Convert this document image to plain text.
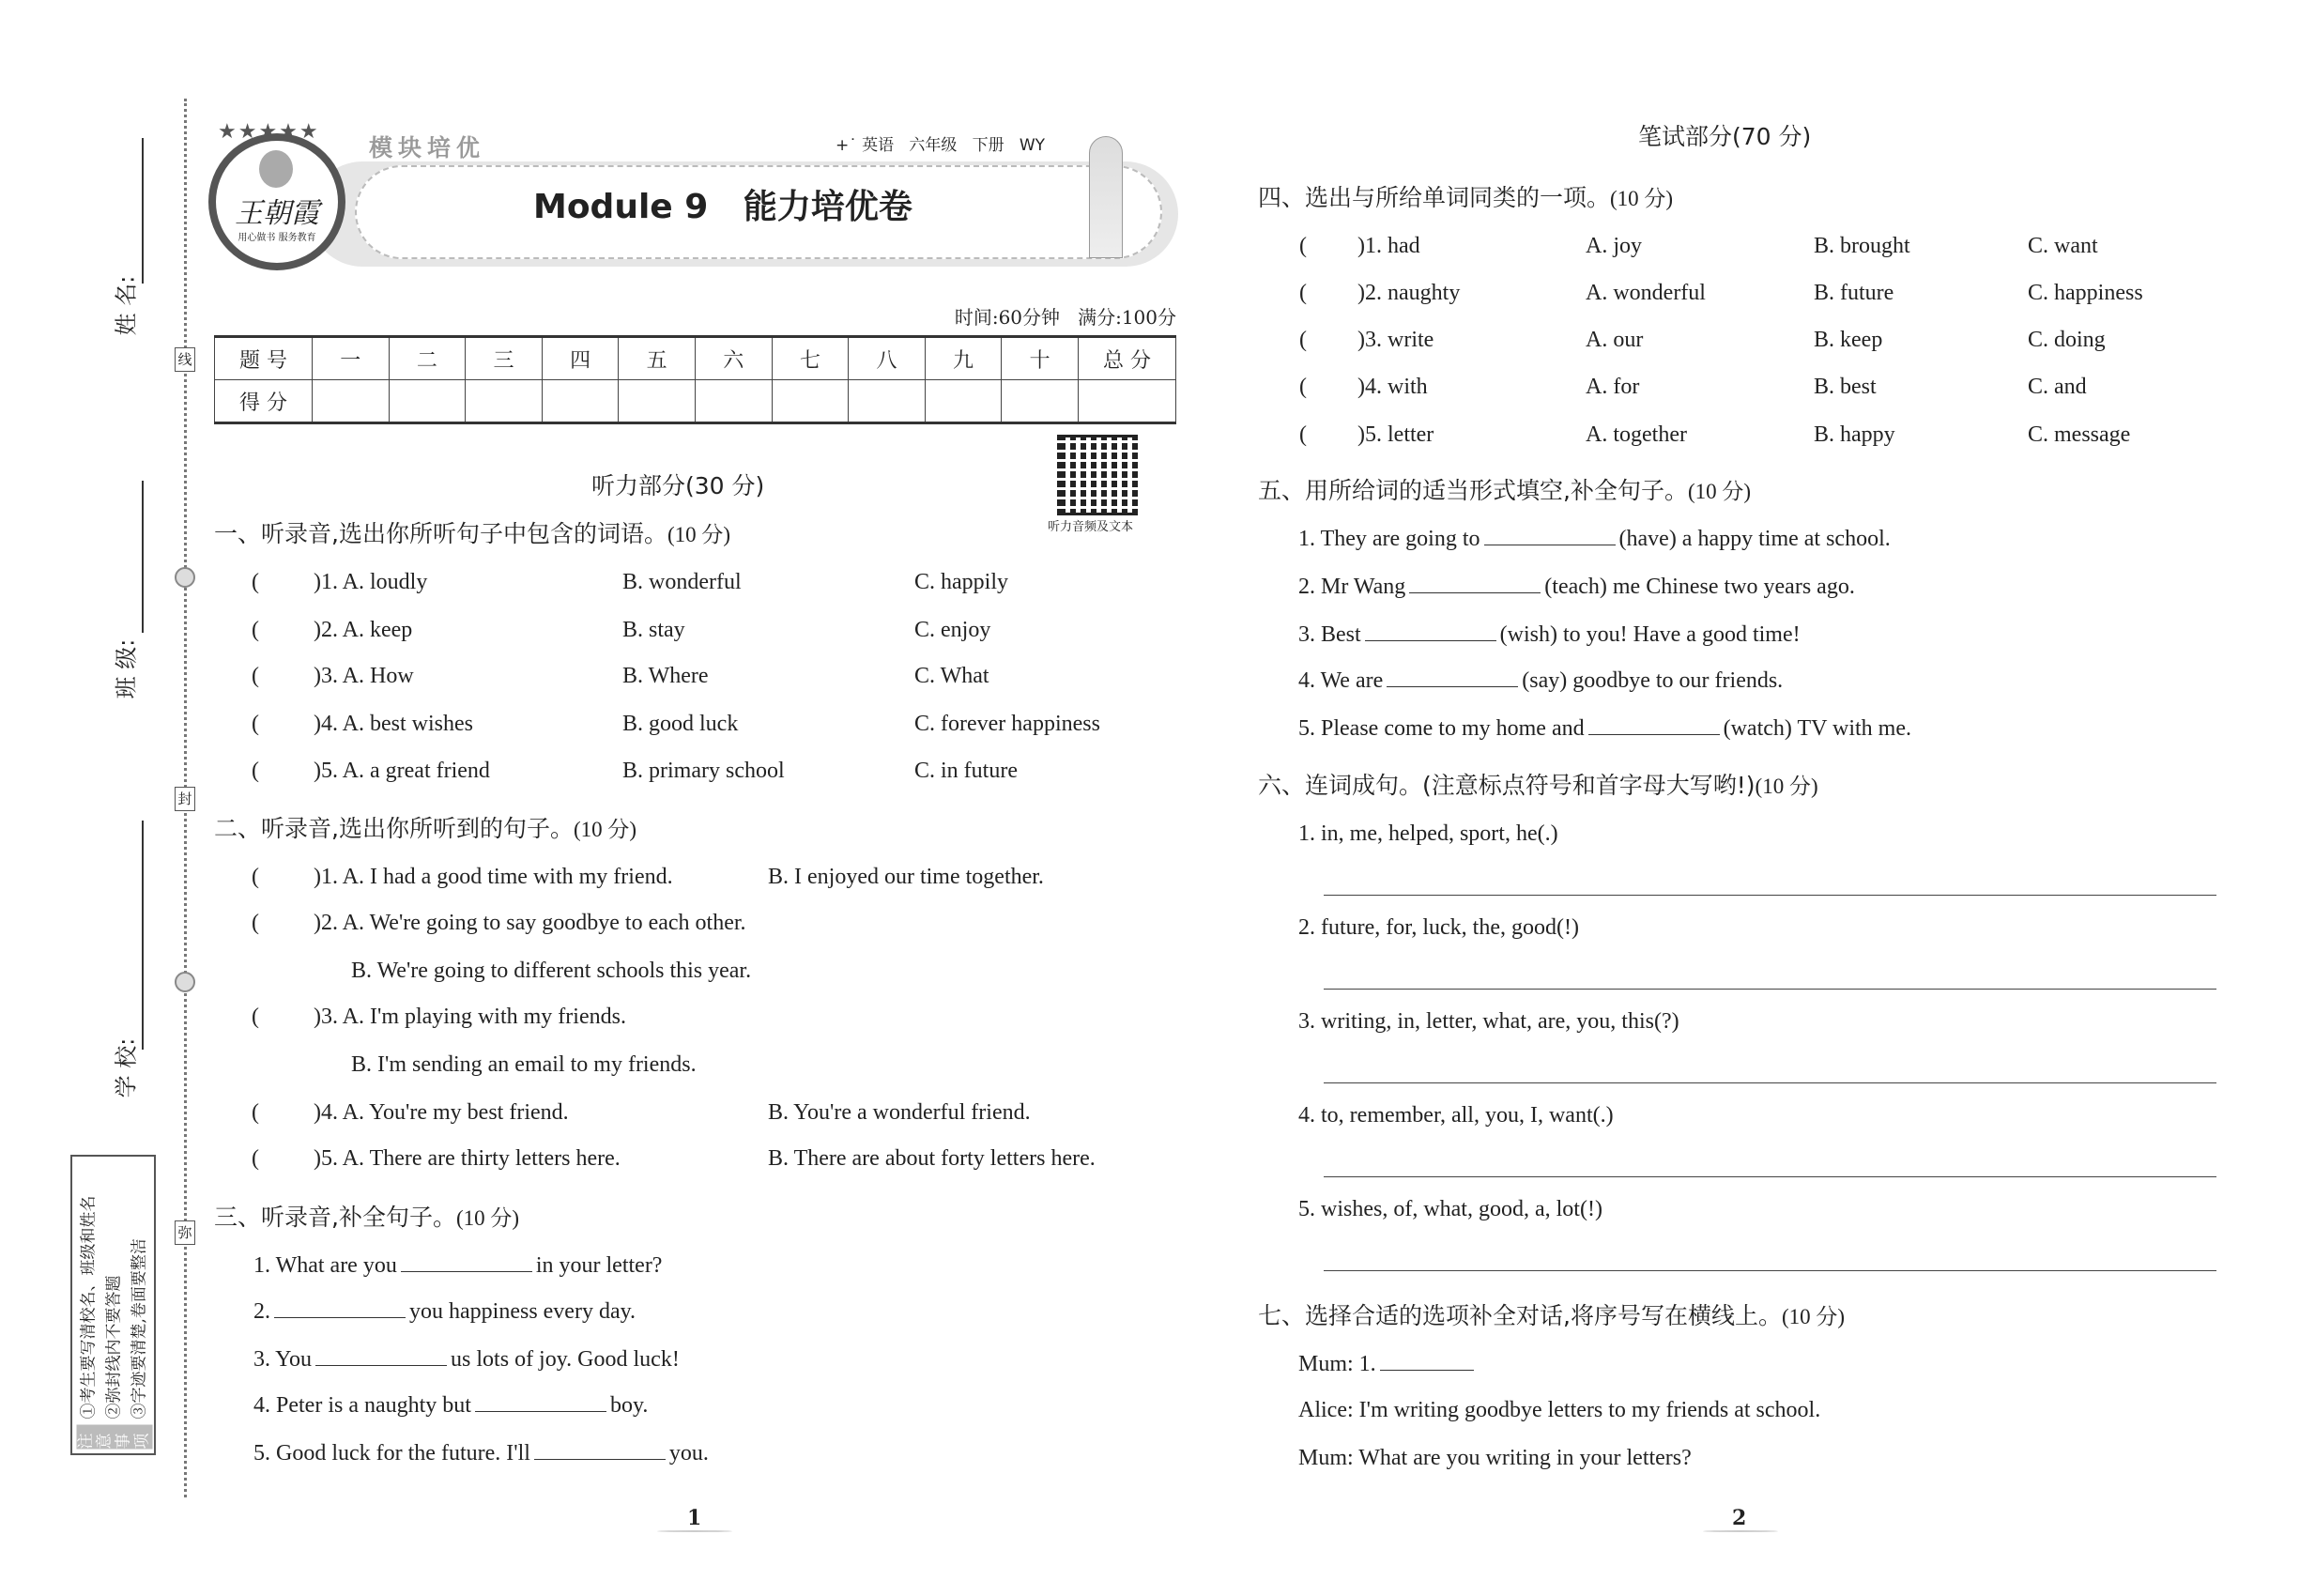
线
封
弥
姓 名:
班 级:
学 校:
注意事项
①考生要写清校名、班级和姓名 ②弥封线内不要答题 ③字迹要清楚,卷面要整洁
王朝霞
用心做书 服务教育
★★★★★
模块培优	+˙ 英语 六年级 下册 WY
Module 9   能力培优卷
时间:60分钟   满分:100分
题 号	一	二	三	四	五	六	七	八	九	十	总 分
得 分											
听力音频及文本
听力部分(30 分)
一、听录音,选出你所听句子中包含的词语。(10 分)
( )1. A. loudly	B. wonderful	C. happily
( )2. A. keep	B. stay	C. enjoy
( )3. A. How	B. Where	C. What
( )4. A. best wishes	B. good luck	C. forever happiness
( )5. A. a great friend	B. primary school	C. in future
二、听录音,选出你所听到的句子。(10 分)
( )1. A. I had a good time with my friend.	B. I enjoyed our time together.
( )2. A. We're going to say goodbye to each other.
B. We're going to different schools this year.
( )3. A. I'm playing with my friends.
B. I'm sending an email to my friends.
( )4. A. You're my best friend.	B. You're a wonderful friend.
( )5. A. There are thirty letters here.	B. There are about forty letters here.
三、听录音,补全句子。(10 分)
1. What are you	in your letter?
2.	you happiness every day.
3. You	us lots of joy. Good luck!
4. Peter is a naughty but	boy.
5. Good luck for the future. I'll	you.
1
笔试部分(70 分)
四、选出与所给单词同类的一项。(10 分)
( )1. had	A. joy	B. brought	C. want
( )2. naughty	A. wonderful	B. future	C. happiness
( )3. write	A. our	B. keep	C. doing
( )4. with	A. for	B. best	C. and
( )5. letter	A. together	B. happy	C. message
五、用所给词的适当形式填空,补全句子。(10 分)
1. They are going to	(have) a happy time at school.
2. Mr Wang	(teach) me Chinese two years ago.
3. Best	(wish) to you! Have a good time!
4. We are	(say) goodbye to our friends.
5. Please come to my home and	(watch) TV with me.
六、连词成句。(注意标点符号和首字母大写哟!)(10 分)
1. in, me, helped, sport, he(.)
2. future, for, luck, the, good(!)
3. writing, in, letter, what, are, you, this(?)
4. to, remember, all, you, I, want(.)
5. wishes, of, what, good, a, lot(!)
七、选择合适的选项补全对话,将序号写在横线上。(10 分)
Mum: 1.
Alice: I'm writing goodbye letters to my friends at school.
Mum: What are you writing in your letters?
2
